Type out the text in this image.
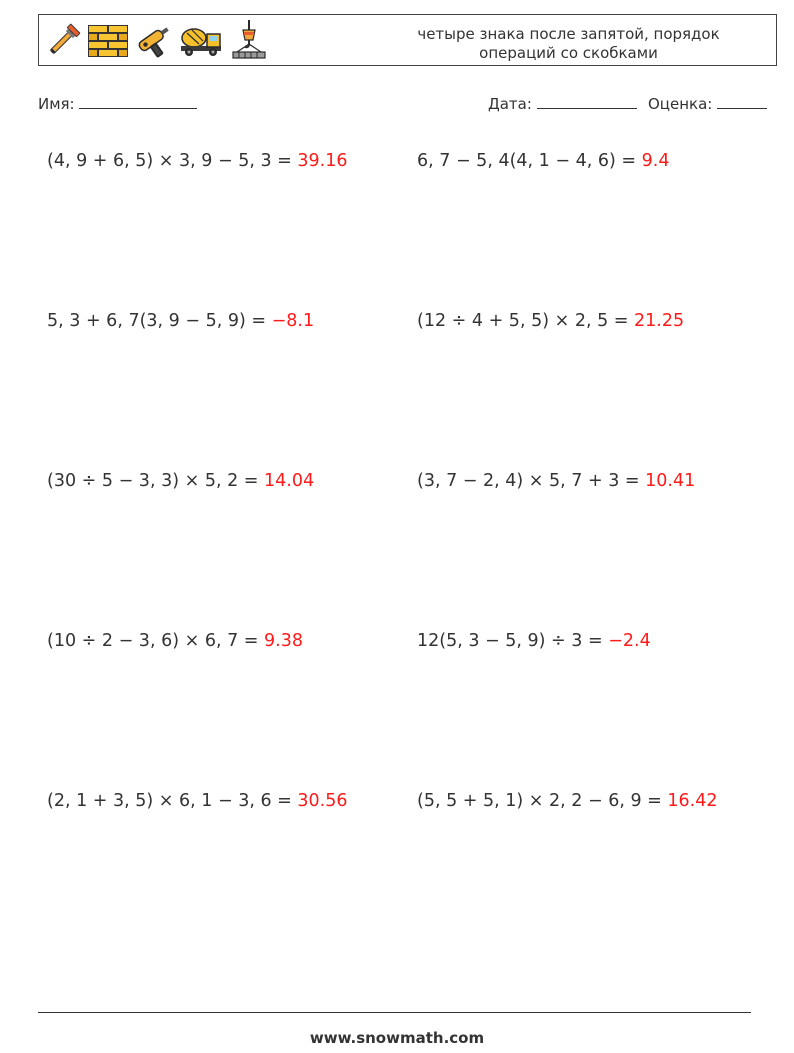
четыре знака после запятой, порядок
операций со скобками
Имя:	Дата:	Оценка:
(4, 9 + 6, 5) × 3, 9 − 5, 3 = 39.16	6, 7 − 5, 4(4, 1 − 4, 6) = 9.4
5, 3 + 6, 7(3, 9 − 5, 9) = −8.1	(12 ÷ 4 + 5, 5) × 2, 5 = 21.25
(30 ÷ 5 − 3, 3) × 5, 2 = 14.04	(3, 7 − 2, 4) × 5, 7 + 3 = 10.41
(10 ÷ 2 − 3, 6) × 6, 7 = 9.38	12(5, 3 − 5, 9) ÷ 3 = −2.4
(2, 1 + 3, 5) × 6, 1 − 3, 6 = 30.56	(5, 5 + 5, 1) × 2, 2 − 6, 9 = 16.42
www.snowmath.com
